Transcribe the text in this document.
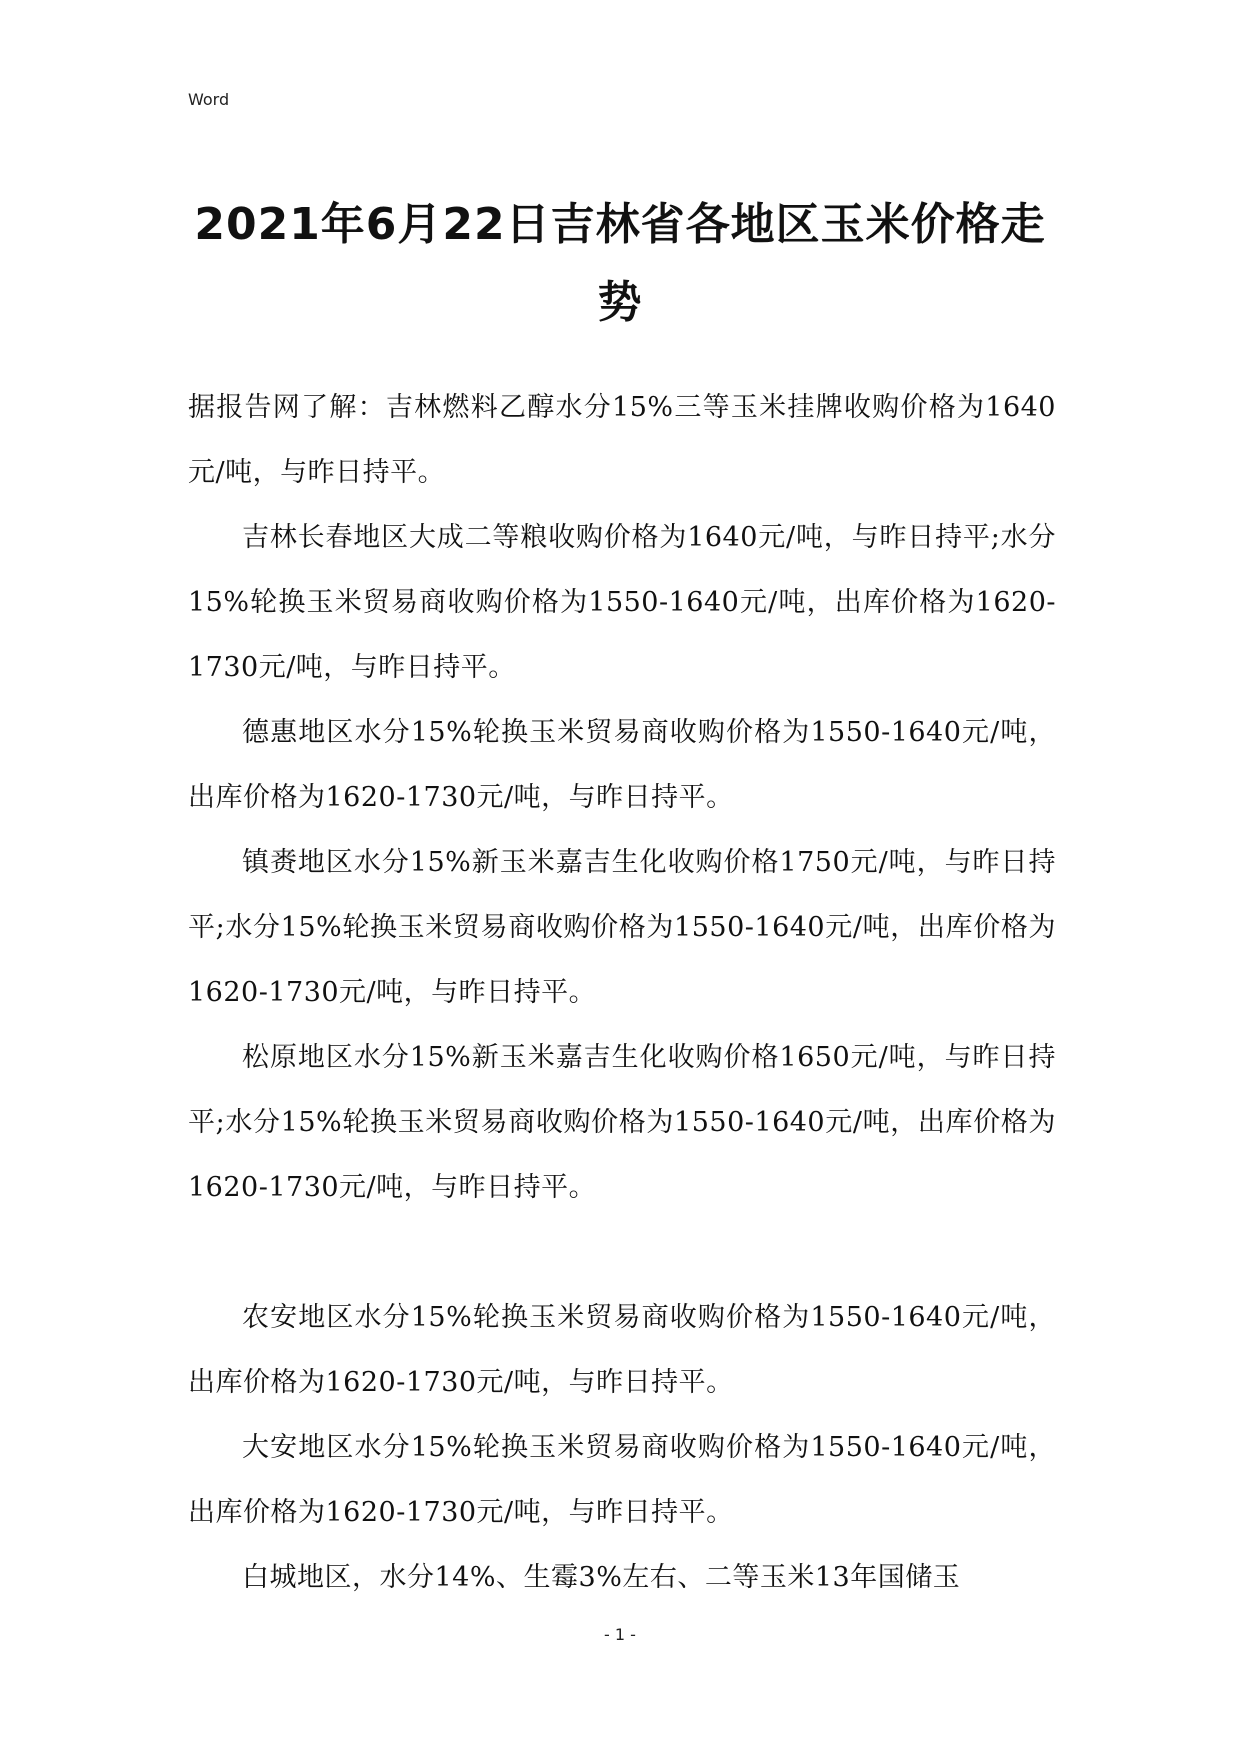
Word
2021年6月22日吉林省各地区玉米价格走势

据报告网了解：吉林燃料乙醇水分15%三等玉米挂牌收购价格为1640元/吨，与昨日持平。

吉林长春地区大成二等粮收购价格为1640元/吨，与昨日持平;水分15%轮换玉米贸易商收购价格为1550-1640元/吨，出库价格为1620-1730元/吨，与昨日持平。

德惠地区水分15%轮换玉米贸易商收购价格为1550-1640元/吨，出库价格为1620-1730元/吨，与昨日持平。

镇赉地区水分15%新玉米嘉吉生化收购价格1750元/吨，与昨日持平;水分15%轮换玉米贸易商收购价格为1550-1640元/吨，出库价格为1620-1730元/吨，与昨日持平。

松原地区水分15%新玉米嘉吉生化收购价格1650元/吨，与昨日持平;水分15%轮换玉米贸易商收购价格为1550-1640元/吨，出库价格为1620-1730元/吨，与昨日持平。

农安地区水分15%轮换玉米贸易商收购价格为1550-1640元/吨，出库价格为1620-1730元/吨，与昨日持平。

大安地区水分15%轮换玉米贸易商收购价格为1550-1640元/吨，出库价格为1620-1730元/吨，与昨日持平。

白城地区，水分14%、生霉3%左右、二等玉米13年国储玉

- 1 -
